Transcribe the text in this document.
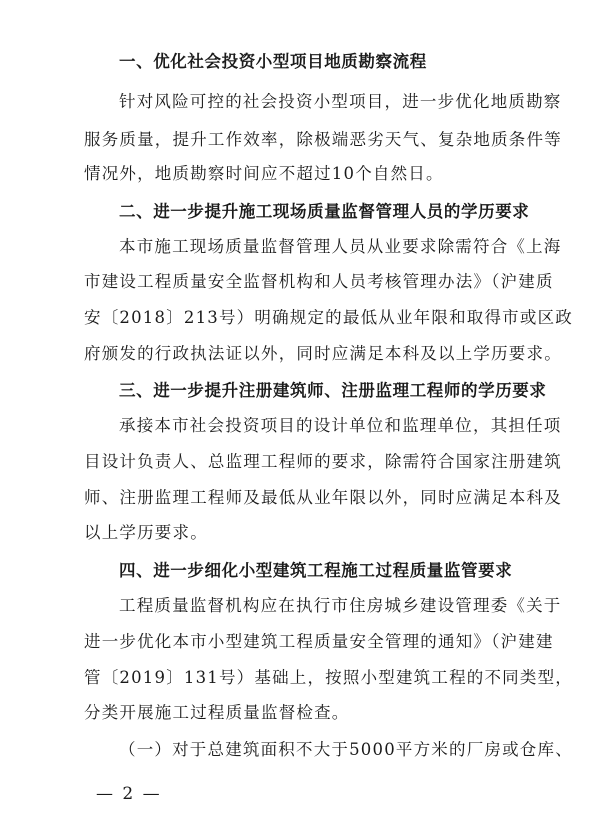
一、优化社会投资小型项目地质勘察流程
针对风险可控的社会投资小型项目，进一步优化地质勘察
服务质量，提升工作效率，除极端恶劣天气、复杂地质条件等
情况外，地质勘察时间应不超过10个自然日。
二、进一步提升施工现场质量监督管理人员的学历要求
本市施工现场质量监督管理人员从业要求除需符合《上海
市建设工程质量安全监督机构和人员考核管理办法》（沪建质
安〔2018〕213号）明确规定的最低从业年限和取得市或区政
府颁发的行政执法证以外，同时应满足本科及以上学历要求。
三、进一步提升注册建筑师、注册监理工程师的学历要求
承接本市社会投资项目的设计单位和监理单位，其担任项
目设计负责人、总监理工程师的要求，除需符合国家注册建筑
师、注册监理工程师及最低从业年限以外，同时应满足本科及
以上学历要求。
四、进一步细化小型建筑工程施工过程质量监管要求
工程质量监督机构应在执行市住房城乡建设管理委《关于
进一步优化本市小型建筑工程质量安全管理的通知》（沪建建
管〔2019〕131号）基础上，按照小型建筑工程的不同类型，
分类开展施工过程质量监督检查。
（一）对于总建筑面积不大于5000平方米的厂房或仓库、
— 2 —
